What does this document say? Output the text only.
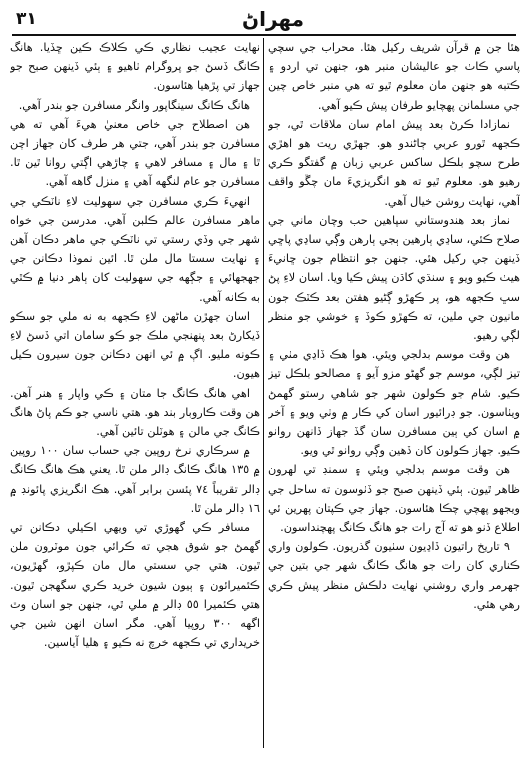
٣١	مهراڻ

هئا جن ۾ قرآن شريف رکيل هئا. محراب جي سچي پاسي ڪاٺ جو عاليشان منبر هو، جنهن تي اردو ۽ ڪتبه هو جنهن مان معلوم ٿيو ته هي منبر خاص چين جي مسلمانن پهچايو طرفان پيش ڪيو آهي.

نمازادا ڪرڻ بعد پيش امام سان ملاقات ٿي، جو ڪجهه ٿورو عربي ڄاڻندو هو. جهڙي ريت هو اهڙي طرح سچو بلڪل ساکس عربي زبان ۾ گفتگو ڪري رهيو هو. معلوم ٿيو ته هو انگريزيءَ مان چڱو واقف آهي، نهايت روشن خيال آهي.

نماز بعد هندوستاني سپاهين حب وچان ماني جي صلاح ڪئي، ساڍي ٻارهين ٻجي ٻارهن وڳي ساڍي پاڇي ڏينهن جي رکيل هئي. جنهن جو انتظام جون ڇانيءَ هيٺ ڪيو ويو ۽ سنڌي کاڌن پيش ڪيا ويا. اسان لاءِ پڻ سڀ ڪجهه هو، پر ڪهڙو ڳڻيو هفتن بعد ڪٽڪ جون مانيون جي ملين، ته ڪهڙو ڪوڏ ۽ خوشي جو منظر لڳي رهيو.

هن وقت موسم بدلجي ويئي. هوا هڪ ڏاڍي مٺي ۽ تيز لڳي، موسم جو گهڻو مزو آيو ۽ مصالحو بلڪل تيز ڪيو. شام جو ڪولون شهر جو شاهي رستو گهمڻ ويٺاسون. جو ڊرائيور اسان کي ڪار ۾ وٺي ويو ۽ آخر ۾ اسان کي ٻين مسافرن سان گڏ جهاز ڏانهن روانو ڪيو. جهاز ڪولون کان ڏهين وڳي روانو ٿي ويو.

هن وقت موسم بدلجي ويئي ۽ سمنڊ تي لهرون ظاهر ٿيون. ٻئي ڏينهن صبح جو ڏٺوسون ته ساحل جي ويجهو پهچي چڪا هئاسون. جهاز جي ڪپتان پهرين ئي اطلاع ڏنو هو ته آج رات جو هانگ ڪانگ پهچنداسون.

٩ تاريخ راتيون ڏاڍيون سٺيون گذريون. ڪولون واري ڪناري کان رات جو هانگ ڪانگ شهر جي بتين جي جهرمر واري روشني نهايت دلڪش منظر پيش ڪري رهي هئي.

نهايت عجيب نظاري ڪي ڪلاڪ ڪين ڇڏيا. هانگ ڪانگ ڏسڻ جو پروگرام ٺاهيو ۽ ٻئي ڏينهن صبح جو جهاز تي پڙهيا هئاسون.

هانگ ڪانگ سينگاپور وانگر مسافرن جو بندر آهي.

هن اصطلاح جي خاص معنيٰ هيءَ آهي ته هي مسافرن جو بندر آهي، جتي هر طرف کان جهاز اچن ٿا ۽ مال ۽ مسافر لاهي ۽ چاڙهي اڳتي روانا ٿين ٿا. مسافرن جو عام لنگهه آهي ۽ منزل گاهه آهي.

انهيءَ ڪري مسافرن جي سهوليت لاءِ ناٽڪي جي ماهر مسافرن عالم ڪلبن آهي. مدرسن جي خواه شهر جي وڏي رستي تي ناٽڪي جي ماهر دڪان آهن ۽ نهايت سستا مال ملن ٿا. ائين نموذا دڪانن جي جهجهائي ۽ جڳهه جي سهوليت کان ٻاهر دنيا ۾ ڪٿي به ڪانه آهي.

اسان جهڙن ماڻهن لاءِ ڪجهه به نه ملي جو سڪو ڏيکارڻ بعد پنهنجي ملڪ جو ڪو سامان اتي ڏسڻ لاءِ ڪونه مليو. اڳ ۾ ئي انهن دڪانن جون سيرون ڪيل هيون.

اهي هانگ ڪانگ جا متان ۽ ڪي واپار ۽ هنر آهن. هن وقت ڪاروبار بند هو. هتي ناسي جو ڪم پاڻ هانگ ڪانگ جي مالن ۽ هوٽلن تائين آهي.

۾ سرڪاري نرخ روپين جي حساب سان ١٠٠ روپين ۾ ١٣٥ هانگ ڪانگ ڊالر ملن ٿا. يعني هڪ هانگ ڪانگ ڊالر تقريباً ٧٤ پئسن برابر آهي. هڪ انگريزي پائونڊ ۾ ١٦ ڊالر ملن ٿا.

مسافر ڪي گهوڙي تي ويهي اڪيلي دڪانن تي گهمڻ جو شوق هجي ته ڪرائي جون موٽرون ملن ٿيون. هتي جي سستي مال مان ڪپڙو، گهڙيون، ڪئميرائون ۽ ٻيون شيون خريد ڪري سگهجن ٿيون. هتي ڪئميرا ٥٥ ڊالر ۾ ملي ٿي، جنهن جو اسان وٽ اگهه ٣٠٠ روپيا آهي. مگر اسان انهن شين جي خريداري تي ڪجهه خرچ نه ڪيو ۽ هليا آياسين.
